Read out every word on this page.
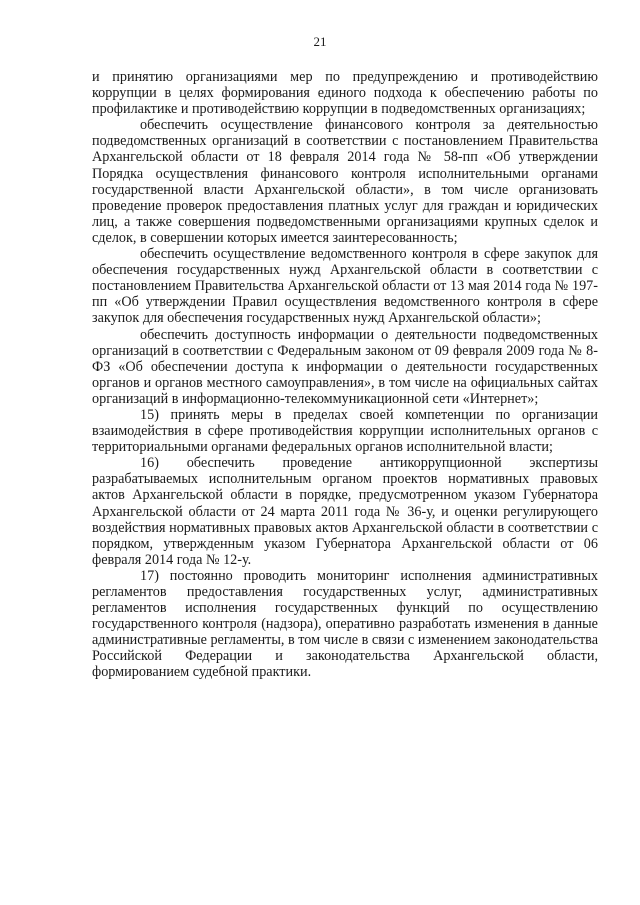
21

и принятию организациями мер по предупреждению и противодействию коррупции в целях формирования единого подхода к обеспечению работы по профилактике и противодействию коррупции в подведомственных организациях;

обеспечить осуществление финансового контроля за деятельностью подведомственных организаций в соответствии с постановлением Правительства Архангельской области от 18 февраля 2014 года № 58-пп «Об утверждении Порядка осуществления финансового контроля исполнительными органами государственной власти Архангельской области», в том числе организовать проведение проверок предоставления платных услуг для граждан и юридических лиц, а также совершения подведомственными организациями крупных сделок и сделок, в совершении которых имеется заинтересованность;

обеспечить осуществление ведомственного контроля в сфере закупок для обеспечения государственных нужд Архангельской области в соответствии с постановлением Правительства Архангельской области от 13 мая 2014 года № 197-пп «Об утверждении Правил осуществления ведомственного контроля в сфере закупок для обеспечения государственных нужд Архангельской области»;

обеспечить доступность информации о деятельности подведомственных организаций в соответствии с Федеральным законом от 09 февраля 2009 года № 8-ФЗ «Об обеспечении доступа к информации о деятельности государственных органов и органов местного самоуправления», в том числе на официальных сайтах организаций в информационно-телекоммуникационной сети «Интернет»;

15) принять меры в пределах своей компетенции по организации взаимодействия в сфере противодействия коррупции исполнительных органов с территориальными органами федеральных органов исполнительной власти;

16) обеспечить проведение антикоррупционной экспертизы разрабатываемых исполнительным органом проектов нормативных правовых актов Архангельской области в порядке, предусмотренном указом Губернатора Архангельской области от 24 марта 2011 года № 36-у, и оценки регулирующего воздействия нормативных правовых актов Архангельской области в соответствии с порядком, утвержденным указом Губернатора Архангельской области от 06 февраля 2014 года № 12-у.

17) постоянно проводить мониторинг исполнения административных регламентов предоставления государственных услуг, административных регламентов исполнения государственных функций по осуществлению государственного контроля (надзора), оперативно разработать изменения в данные административные регламенты, в том числе в связи с изменением законодательства Российской Федерации и законодательства Архангельской области, формированием судебной практики.
